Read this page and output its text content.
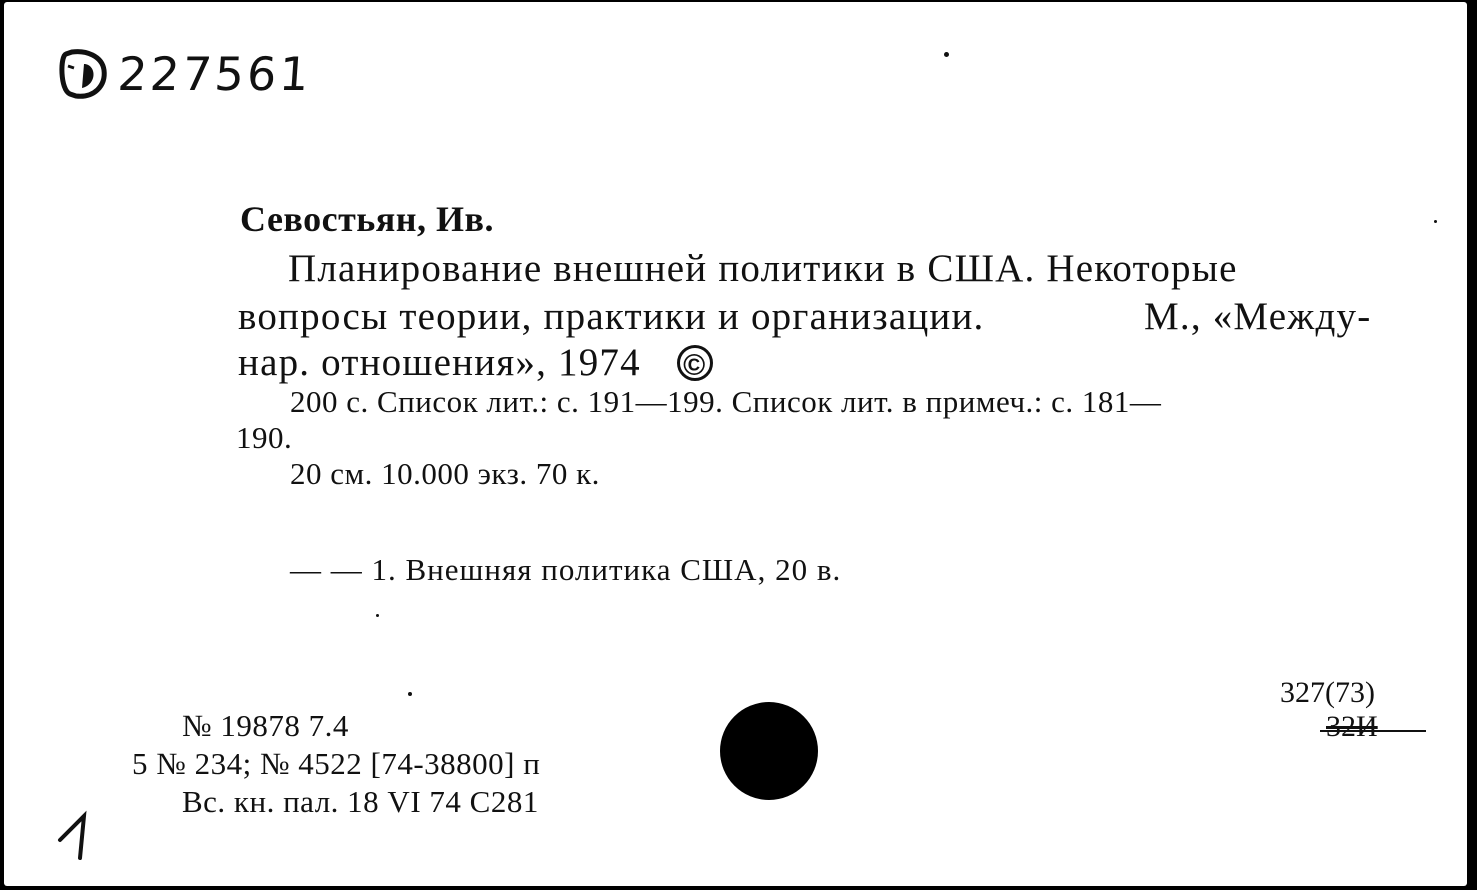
227561
Севостьян, Ив.
Планирование внешней политики в США. Некоторые
вопросы теории, практики и организации.	М., «Между-
нар. отношения», 1974 ©
200 с. Список лит.: с. 191—199. Список лит. в примеч.: с. 181—
190.
20 см. 10.000 экз. 70 к.
— — 1. Внешняя политика США, 20 в.
№ 19878 7.4
5 № 234; № 4522 [74-38800] п
Вс. кн. пал. 18 VI 74 С281
327(73)
32И
